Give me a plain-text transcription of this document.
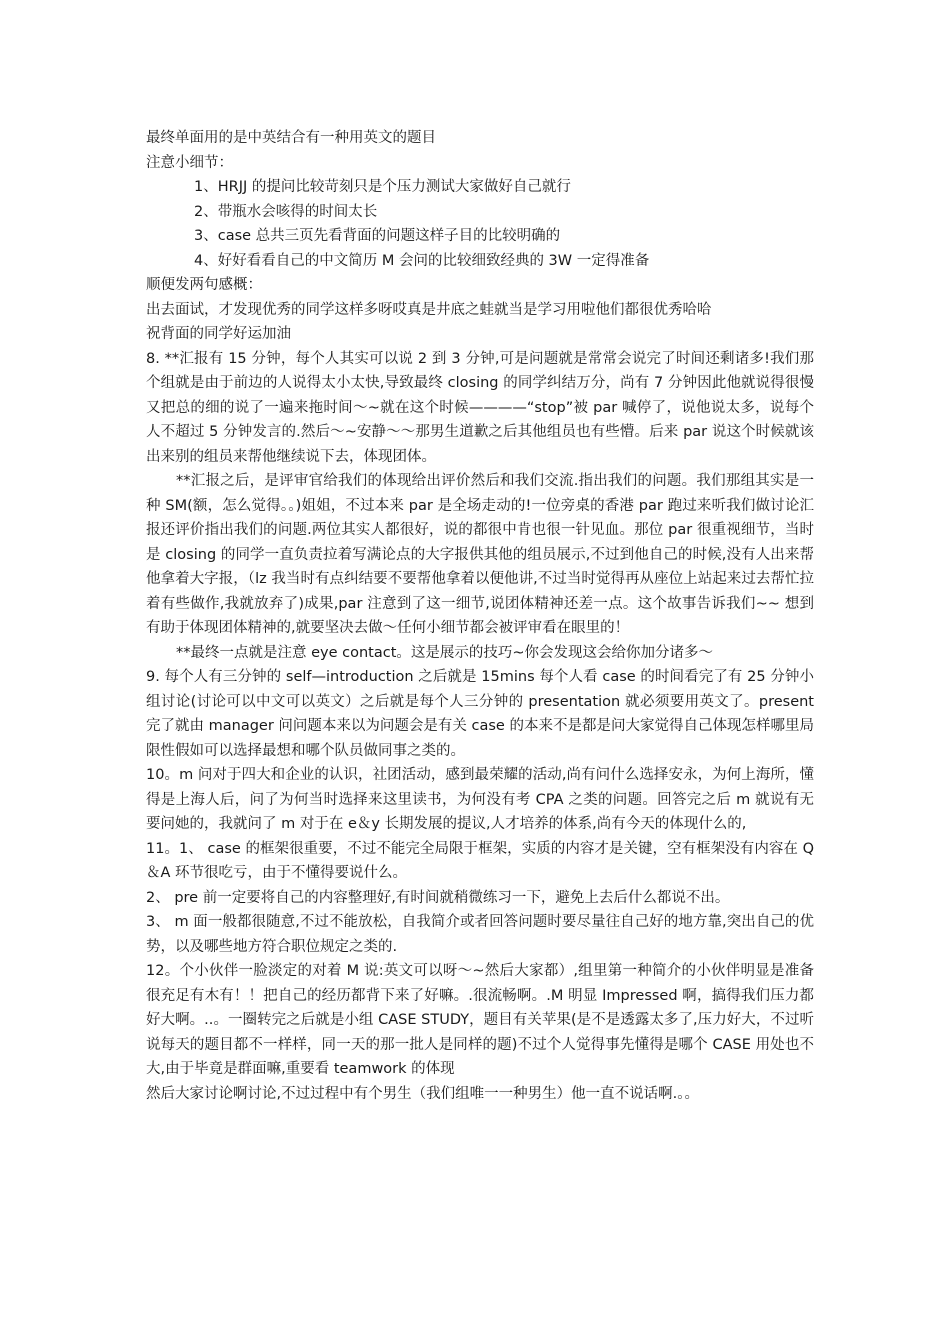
最终单面用的是中英结合有一种用英文的题目

注意小细节：

1、HRJJ 的提问比较苛刻只是个压力测试大家做好自己就行

2、带瓶水会咳得的时间太长

3、case 总共三页先看背面的问题这样子目的比较明确的

4、好好看看自己的中文简历 M 会问的比较细致经典的 3W 一定得准备

顺便发两句感概：

出去面试，才发现优秀的同学这样多呀哎真是井底之蛙就当是学习用啦他们都很优秀哈哈

祝背面的同学好运加油

8. **汇报有 15 分钟，每个人其实可以说 2 到 3 分钟,可是问题就是常常会说完了时间还剩诸多!我们那个组就是由于前边的人说得太小太快,导致最终 closing 的同学纠结万分，尚有 7 分钟因此他就说得很慢又把总的细的说了一遍来拖时间～~就在这个时候————“stop”被 par 喊停了，说他说太多，说每个人不超过 5 分钟发言的.然后～~安静～～那男生道歉之后其他组员也有些懵。后来 par 说这个时候就该出来别的组员来帮他继续说下去，体现团体。

**汇报之后，是评审官给我们的体现给出评价然后和我们交流.指出我们的问题。我们那组其实是一种 SM(额，怎么觉得。。)姐姐，不过本来 par 是全场走动的!一位旁桌的香港 par 跑过来听我们做讨论汇报还评价指出我们的问题.两位其实人都很好，说的都很中肯也很一针见血。那位 par 很重视细节，当时是 closing 的同学一直负责拉着写满论点的大字报供其他的组员展示,不过到他自己的时候,没有人出来帮他拿着大字报，（lz 我当时有点纠结要不要帮他拿着以便他讲,不过当时觉得再从座位上站起来过去帮忙拉着有些做作,我就放弃了)成果,par 注意到了这一细节,说团体精神还差一点。这个故事告诉我们~~ 想到有助于体现团体精神的,就要坚决去做～任何小细节都会被评审看在眼里的！

**最终一点就是注意 eye contact。这是展示的技巧~你会发现这会给你加分诸多～

9. 每个人有三分钟的 self—introduction 之后就是 15mins 每个人看 case 的时间看完了有 25 分钟小组讨论(讨论可以中文可以英文）之后就是每个人三分钟的 presentation 就必须要用英文了。present 完了就由 manager 问问题本来以为问题会是有关 case 的本来不是都是问大家觉得自己体现怎样哪里局限性假如可以选择最想和哪个队员做同事之类的。

10。m 问对于四大和企业的认识，社团活动，感到最荣耀的活动,尚有问什么选择安永，为何上海所，懂得是上海人后，问了为何当时选择来这里读书，为何没有考 CPA 之类的问题。回答完之后 m 就说有无要问她的，我就问了 m 对于在 e＆y 长期发展的提议,人才培养的体系,尚有今天的体现什么的,

11。1、 case 的框架很重要，不过不能完全局限于框架，实质的内容才是关键，空有框架没有内容在 Q＆A 环节很吃亏，由于不懂得要说什么。

2、 pre 前一定要将自己的内容整理好,有时间就稍微练习一下，避免上去后什么都说不出。

3、 m 面一般都很随意,不过不能放松，自我简介或者回答问题时要尽量往自己好的地方靠,突出自己的优势，以及哪些地方符合职位规定之类的.

12。个小伙伴一脸淡定的对着 M 说:英文可以呀～~然后大家都）,组里第一种简介的小伙伴明显是准备很充足有木有！！把自己的经历都背下来了好嘛。.很流畅啊。.M 明显 Impressed 啊，搞得我们压力都好大啊。..。一圈转完之后就是小组 CASE STUDY，题目有关苹果(是不是透露太多了,压力好大，不过听说每天的题目都不一样样，同一天的那一批人是同样的题)不过个人觉得事先懂得是哪个 CASE 用处也不大,由于毕竟是群面嘛,重要看 teamwork 的体现

然后大家讨论啊讨论,不过过程中有个男生（我们组唯一一种男生）他一直不说话啊.。。
